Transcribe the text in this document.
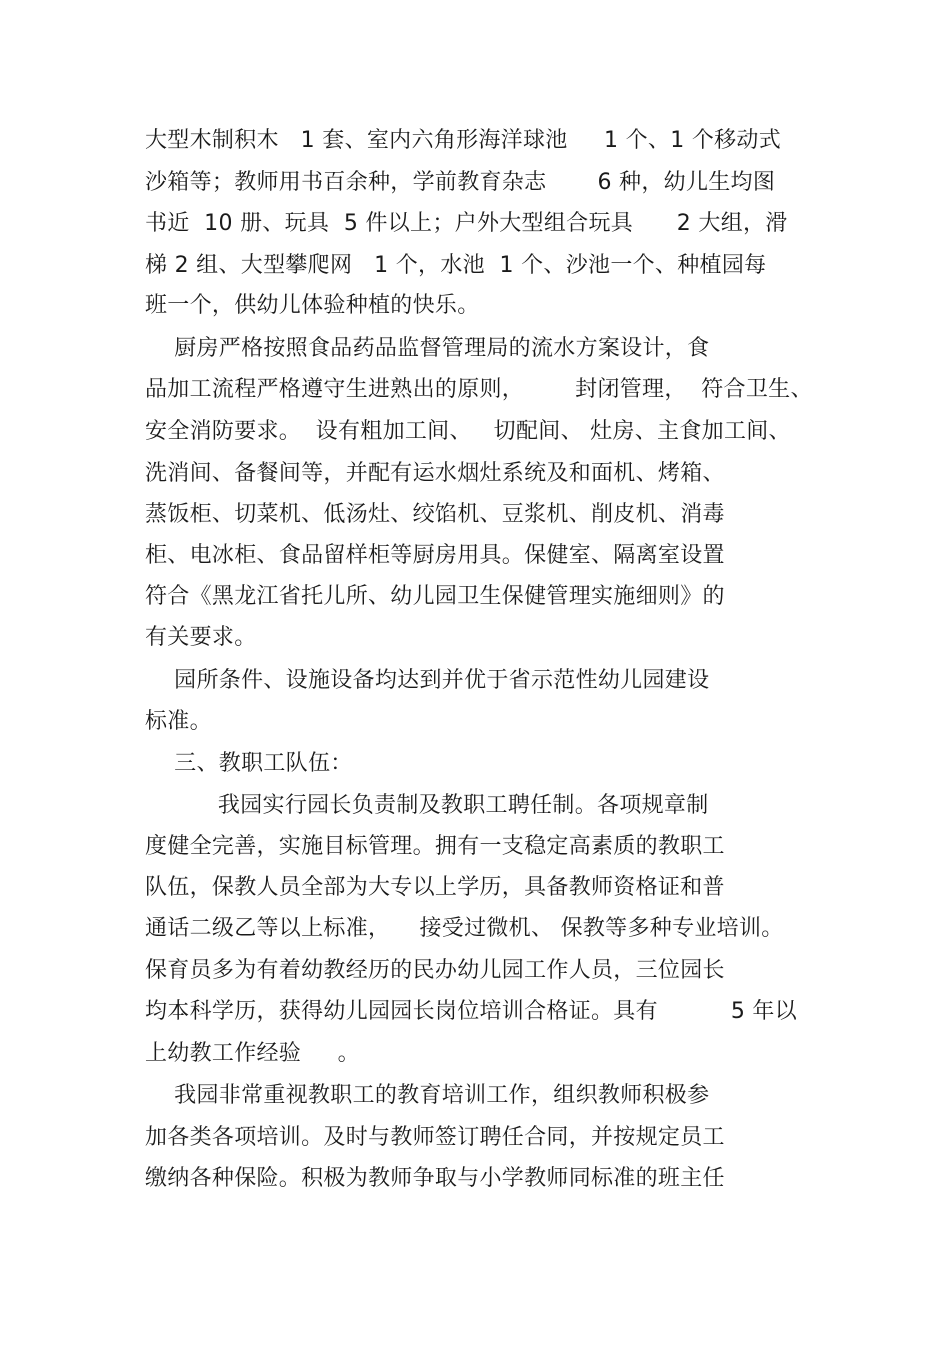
大型木制积木   1 套、室内六角形海洋球池     1 个、1 个移动式
沙箱等；教师用书百余种，学前教育杂志       6 种，幼儿生均图
书近  10 册、玩具  5 件以上；户外大型组合玩具      2 大组，滑
梯 2 组、大型攀爬网   1 个，水池  1 个、沙池一个、种植园每
班一个，供幼儿体验种植的快乐。
厨房严格按照食品药品监督管理局的流水方案设计，食
品加工流程严格遵守生进熟出的原则，       封闭管理，  符合卫生、
安全消防要求。  设有粗加工间、   切配间、 灶房、主食加工间、
洗消间、备餐间等，并配有运水烟灶系统及和面机、烤箱、
蒸饭柜、切菜机、低汤灶、绞馅机、豆浆机、削皮机、消毒
柜、电冰柜、食品留样柜等厨房用具。保健室、隔离室设置
符合《黑龙江省托儿所、幼儿园卫生保健管理实施细则》的
有关要求。
园所条件、设施设备均达到并优于省示范性幼儿园建设
标准。
三、教职工队伍：
我园实行园长负责制及教职工聘任制。各项规章制
度健全完善，实施目标管理。拥有一支稳定高素质的教职工
队伍，保教人员全部为大专以上学历，具备教师资格证和普
通话二级乙等以上标准，    接受过微机、 保教等多种专业培训。
保育员多为有着幼教经历的民办幼儿园工作人员，三位园长
均本科学历，获得幼儿园园长岗位培训合格证。具有          5 年以
上幼教工作经验     。
我园非常重视教职工的教育培训工作，组织教师积极参
加各类各项培训。及时与教师签订聘任合同，并按规定员工
缴纳各种保险。积极为教师争取与小学教师同标准的班主任
